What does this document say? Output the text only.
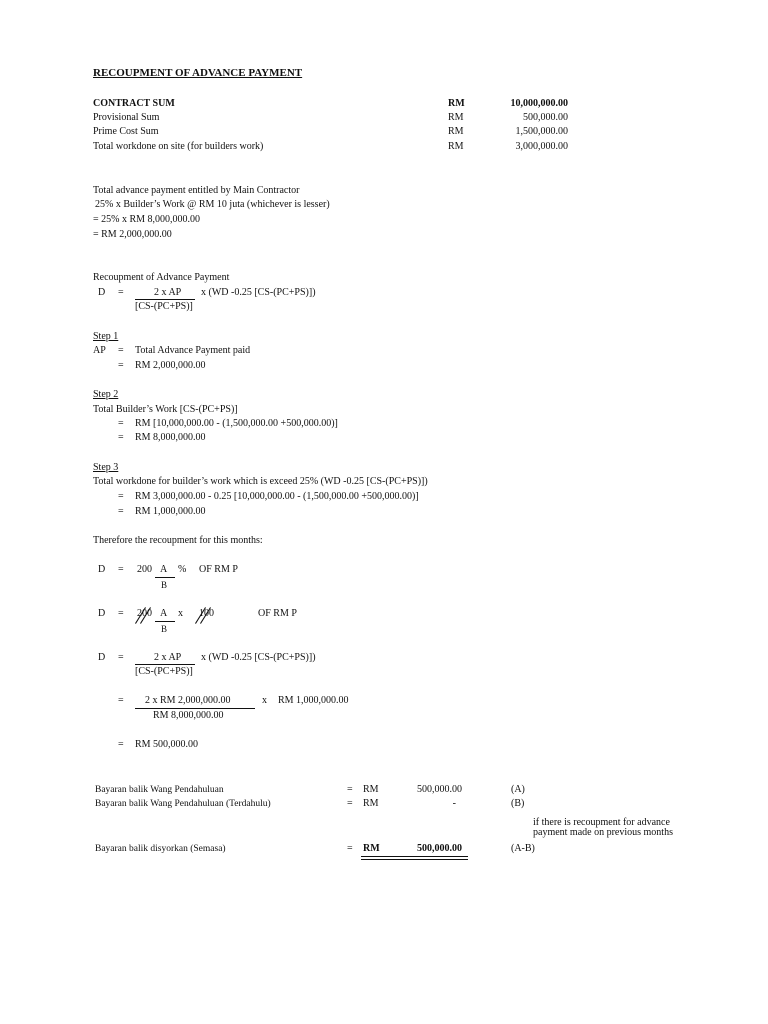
RECOUPMENT OF ADVANCE PAYMENT
CONTRACT SUM	RM	10,000,000.00
Provisional Sum	RM	500,000.00
Prime Cost Sum	RM	1,500,000.00
Total workdone on site (for builders work)	RM	3,000,000.00
Total advance payment entitled by Main Contractor
25% x Builder’s Work @ RM 10 juta (whichever is lesser)
= 25% x RM 8,000,000.00
= RM 2,000,000.00
Recoupment of Advance Payment
D =	2 x AP x (WD -0.25 [CS-(PC+PS)])
[CS-(PC+PS)]
Step 1
AP = Total Advance Payment paid
= RM 2,000,000.00
Step 2
Total Builder’s Work [CS-(PC+PS)]
= RM [10,000,000.00 - (1,500,000.00 +500,000.00)]
= RM 8,000,000.00
Step 3
Total workdone for builder’s work which is exceed 25% (WD -0.25 [CS-(PC+PS)])
= RM 3,000,000.00 - 0.25 [10,000,000.00 - (1,500,000.00 +500,000.00)]
= RM 1,000,000.00
Therefore the recoupment for this months:
D = 200 A % OF RM P
B
D = 200 A x 100	OF RM P
B
D =	2 x AP x (WD -0.25 [CS-(PC+PS)])
[CS-(PC+PS)]
= 2 x RM 2,000,000.00	x RM 1,000,000.00
RM 8,000,000.00
= RM 500,000.00
Bayaran balik Wang Pendahuluan	= RM	500,000.00	(A)
Bayaran balik Wang Pendahuluan (Terdahulu)	= RM	-	(B)
if there is recoupment for advance
payment made on previous months
Bayaran balik disyorkan (Semasa)	= RM	500,000.00	(A-B)
